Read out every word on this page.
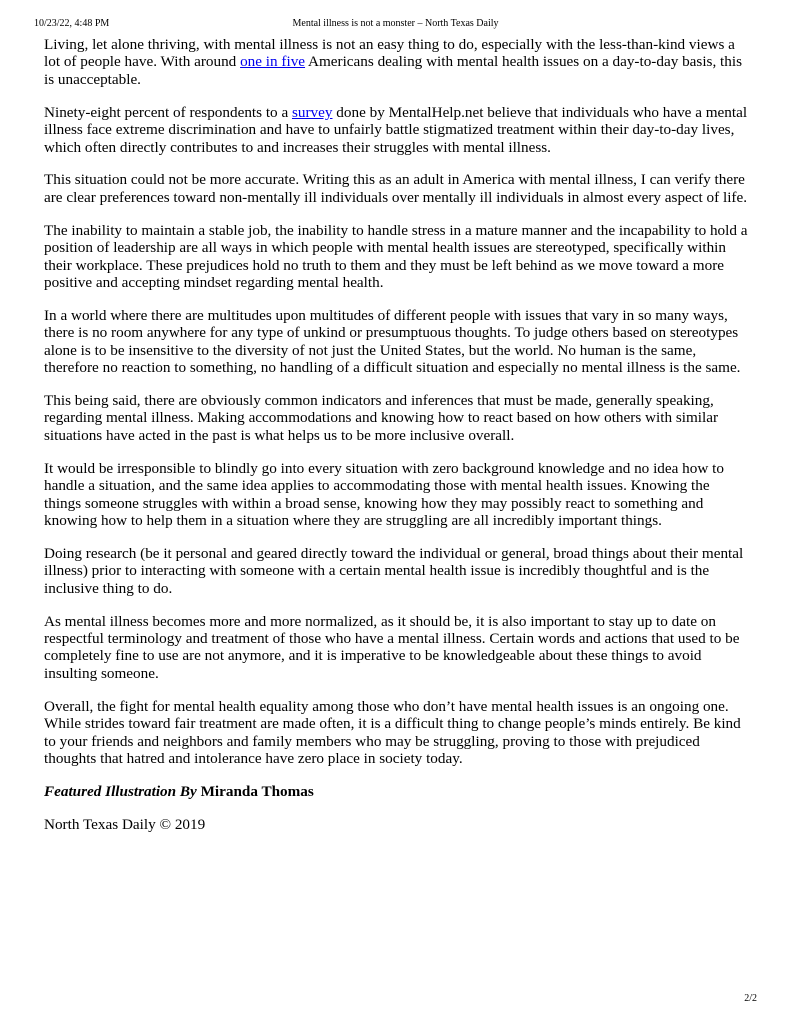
10/23/22, 4:48 PM	Mental illness is not a monster – North Texas Daily

Living, let alone thriving, with mental illness is not an easy thing to do, especially with the less-than-kind views a lot of people have. With around one in five Americans dealing with mental health issues on a day-to-day basis, this is unacceptable.

Ninety-eight percent of respondents to a survey done by MentalHelp.net believe that individuals who have a mental illness face extreme discrimination and have to unfairly battle stigmatized treatment within their day-to-day lives, which often directly contributes to and increases their struggles with mental illness.

This situation could not be more accurate. Writing this as an adult in America with mental illness, I can verify there are clear preferences toward non-mentally ill individuals over mentally ill individuals in almost every aspect of life.

The inability to maintain a stable job, the inability to handle stress in a mature manner and the incapability to hold a position of leadership are all ways in which people with mental health issues are stereotyped, specifically within their workplace. These prejudices hold no truth to them and they must be left behind as we move toward a more positive and accepting mindset regarding mental health.

In a world where there are multitudes upon multitudes of different people with issues that vary in so many ways, there is no room anywhere for any type of unkind or presumptuous thoughts. To judge others based on stereotypes alone is to be insensitive to the diversity of not just the United States, but the world. No human is the same, therefore no reaction to something, no handling of a difficult situation and especially no mental illness is the same.

This being said, there are obviously common indicators and inferences that must be made, generally speaking, regarding mental illness. Making accommodations and knowing how to react based on how others with similar situations have acted in the past is what helps us to be more inclusive overall.

It would be irresponsible to blindly go into every situation with zero background knowledge and no idea how to handle a situation, and the same idea applies to accommodating those with mental health issues. Knowing the things someone struggles with within a broad sense, knowing how they may possibly react to something and knowing how to help them in a situation where they are struggling are all incredibly important things.

Doing research (be it personal and geared directly toward the individual or general, broad things about their mental illness) prior to interacting with someone with a certain mental health issue is incredibly thoughtful and is the inclusive thing to do.

As mental illness becomes more and more normalized, as it should be, it is also important to stay up to date on respectful terminology and treatment of those who have a mental illness. Certain words and actions that used to be completely fine to use are not anymore, and it is imperative to be knowledgeable about these things to avoid insulting someone.

Overall, the fight for mental health equality among those who don’t have mental health issues is an ongoing one. While strides toward fair treatment are made often, it is a difficult thing to change people’s minds entirely. Be kind to your friends and neighbors and family members who may be struggling, proving to those with prejudiced thoughts that hatred and intolerance have zero place in society today.

Featured Illustration By Miranda Thomas

North Texas Daily © 2019

2/2
